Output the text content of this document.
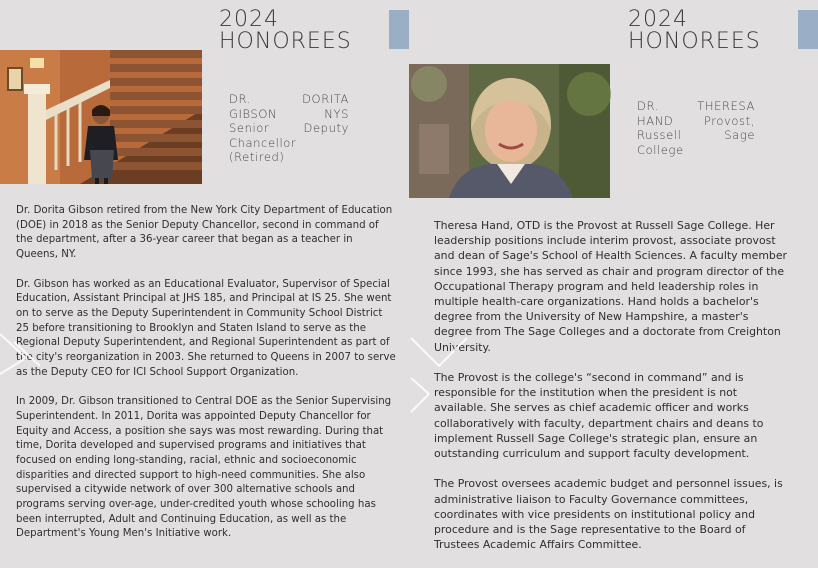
2024
HONOREES
DR. DORITA GIBSON NYS Senior Deputy Chancellor (Retired)

Dr. Dorita Gibson retired from the New York City Department of Education (DOE) in 2018 as the Senior Deputy Chancellor, second in command of the department, after a 36-year career that began as a teacher in Queens, NY.

Dr. Gibson has worked as an Educational Evaluator, Supervisor of Special Education, Assistant Principal at JHS 185, and Principal at IS 25. She went on to serve as the Deputy Superintendent in Community School District 25 before transitioning to Brooklyn and Staten Island to serve as the Regional Deputy Superintendent, and Regional Superintendent as part of the city's reorganization in 2003. She returned to Queens in 2007 to serve as the Deputy CEO for ICI School Support Organization.

In 2009, Dr. Gibson transitioned to Central DOE as the Senior Supervising Superintendent. In 2011, Dorita was appointed Deputy Chancellor for Equity and Access, a position she says was most rewarding. During that time, Dorita developed and supervised programs and initiatives that focused on ending long-standing, racial, ethnic and socioeconomic disparities and directed support to high-need communities. She also supervised a citywide network of over 300 alternative schools and programs serving over-age, under-credited youth whose schooling has been interrupted, Adult and Continuing Education, as well as the Department's Young Men's Initiative work.

2024
HONOREES
DR. THERESA HAND Provost, Russell Sage College

Theresa Hand, OTD is the Provost at Russell Sage College. Her leadership positions include interim provost, associate provost and dean of Sage's School of Health Sciences. A faculty member since 1993, she has served as chair and program director of the Occupational Therapy program and held leadership roles in multiple health-care organizations. Hand holds a bachelor's degree from the University of New Hampshire, a master's degree from The Sage Colleges and a doctorate from Creighton University.

The Provost is the college's “second in command” and is responsible for the institution when the president is not available. She serves as chief academic officer and works collaboratively with faculty, department chairs and deans to implement Russell Sage College's strategic plan, ensure an outstanding curriculum and support faculty development.

The Provost oversees academic budget and personnel issues, is administrative liaison to Faculty Governance committees, coordinates with vice presidents on institutional policy and procedure and is the Sage representative to the Board of Trustees Academic Affairs Committee.
